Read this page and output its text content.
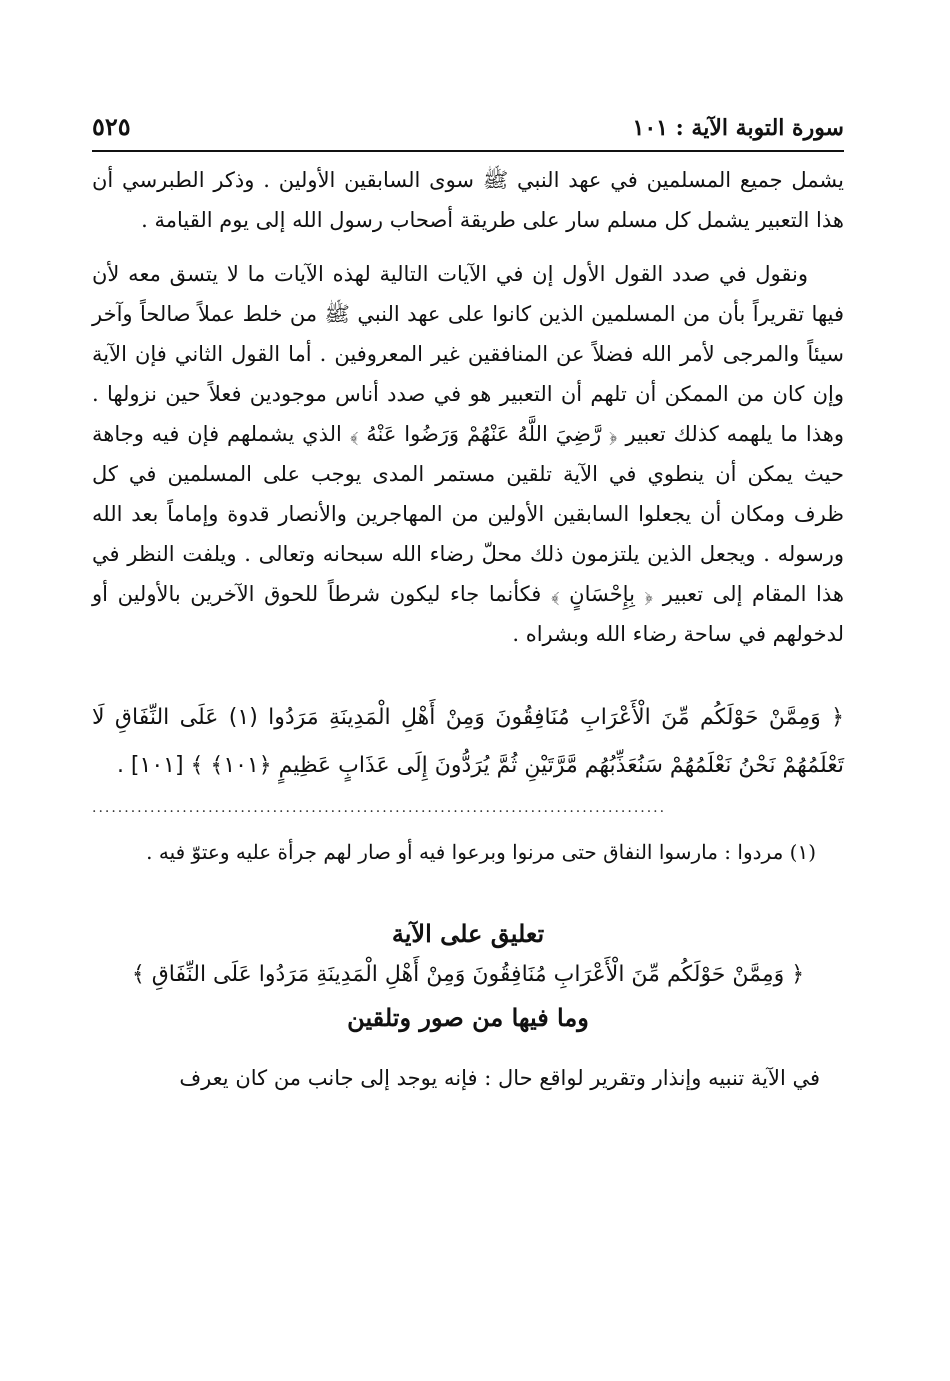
سورة التوبة الآية : ١٠١
٥٢٥

يشمل جميع المسلمين في عهد النبي ﷺ سوى السابقين الأولين . وذكر الطبرسي أن هذا التعبير يشمل كل مسلم سار على طريقة أصحاب رسول الله إلى يوم القيامة .

ونقول في صدد القول الأول إن في الآيات التالية لهذه الآيات ما لا يتسق معه لأن فيها تقريراً بأن من المسلمين الذين كانوا على عهد النبي ﷺ من خلط عملاً صالحاً وآخر سيئاً والمرجى لأمر الله فضلاً عن المنافقين غير المعروفين . أما القول الثاني فإن الآية وإن كان من الممكن أن تلهم أن التعبير هو في صدد أناس موجودين فعلاً حين نزولها . وهذا ما يلهمه كذلك تعبير ﴿ رَّضِيَ اللَّهُ عَنْهُمْ وَرَضُوا عَنْهُ ﴾ الذي يشملهم فإن فيه وجاهة حيث يمكن أن ينطوي في الآية تلقين مستمر المدى يوجب على المسلمين في كل ظرف ومكان أن يجعلوا السابقين الأولين من المهاجرين والأنصار قدوة وإماماً بعد الله ورسوله . ويجعل الذين يلتزمون ذلك محلّ رضاء الله سبحانه وتعالى . ويلفت النظر في هذا المقام إلى تعبير ﴿ بِإِحْسَانٍ ﴾ فكأنما جاء ليكون شرطاً للحوق الآخرين بالأولين أو لدخولهم في ساحة رضاء الله وبشراه .

﴿ وَمِمَّنْ حَوْلَكُم مِّنَ الْأَعْرَابِ مُنَافِقُونَ وَمِنْ أَهْلِ الْمَدِينَةِ مَرَدُوا (١) عَلَى النِّفَاقِ لَا تَعْلَمُهُمْ نَحْنُ نَعْلَمُهُمْ سَنُعَذِّبُهُم مَّرَّتَيْنِ ثُمَّ يُرَدُّونَ إِلَى عَذَابٍ عَظِيمٍ ﴿١٠١﴾ ﴾ [١٠١] .

.........................................................................................

(١) مردوا : مارسوا النفاق حتى مرنوا وبرعوا فيه أو صار لهم جرأة عليه وعتوّ فيه .

تعليق على الآية
﴿ وَمِمَّنْ حَوْلَكُم مِّنَ الْأَعْرَابِ مُنَافِقُونَ وَمِنْ أَهْلِ الْمَدِينَةِ مَرَدُوا عَلَى النِّفَاقِ ﴾
وما فيها من صور وتلقين

في الآية تنبيه وإنذار وتقرير لواقع حال : فإنه يوجد إلى جانب من كان يعرف
